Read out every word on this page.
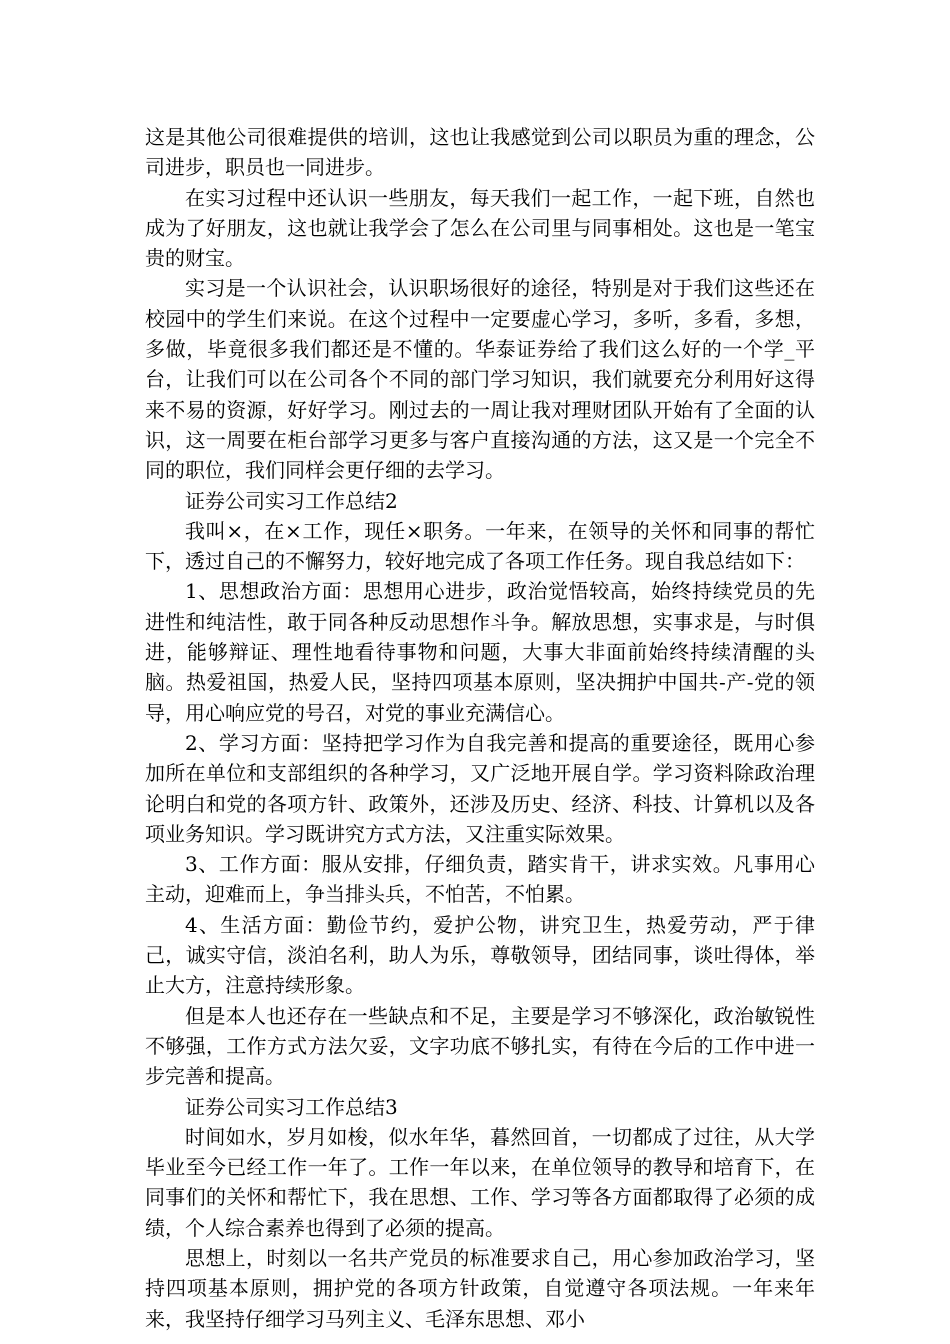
这是其他公司很难提供的培训，这也让我感觉到公司以职员为重的理念，公司进步，职员也一同进步。

在实习过程中还认识一些朋友，每天我们一起工作，一起下班，自然也成为了好朋友，这也就让我学会了怎么在公司里与同事相处。这也是一笔宝贵的财宝。

实习是一个认识社会，认识职场很好的途径，特别是对于我们这些还在校园中的学生们来说。在这个过程中一定要虚心学习，多听，多看，多想，多做，毕竟很多我们都还是不懂的。华泰证券给了我们这么好的一个学_平台，让我们可以在公司各个不同的部门学习知识，我们就要充分利用好这得来不易的资源，好好学习。刚过去的一周让我对理财团队开始有了全面的认识，这一周要在柜台部学习更多与客户直接沟通的方法，这又是一个完全不同的职位，我们同样会更仔细的去学习。

证券公司实习工作总结2

我叫×，在×工作，现任×职务。一年来，在领导的关怀和同事的帮忙下，透过自己的不懈努力，较好地完成了各项工作任务。现自我总结如下：

1、思想政治方面：思想用心进步，政治觉悟较高，始终持续党员的先进性和纯洁性，敢于同各种反动思想作斗争。解放思想，实事求是，与时俱进，能够辩证、理性地看待事物和问题，大事大非面前始终持续清醒的头脑。热爱祖国，热爱人民，坚持四项基本原则，坚决拥护中国共-产-党的领导，用心响应党的号召，对党的事业充满信心。

2、学习方面：坚持把学习作为自我完善和提高的重要途径，既用心参加所在单位和支部组织的各种学习，又广泛地开展自学。学习资料除政治理论明白和党的各项方针、政策外，还涉及历史、经济、科技、计算机以及各项业务知识。学习既讲究方式方法，又注重实际效果。

3、工作方面：服从安排，仔细负责，踏实肯干，讲求实效。凡事用心主动，迎难而上，争当排头兵，不怕苦，不怕累。

4、生活方面：勤俭节约，爱护公物，讲究卫生，热爱劳动，严于律己，诚实守信，淡泊名利，助人为乐，尊敬领导，团结同事，谈吐得体，举止大方，注意持续形象。

但是本人也还存在一些缺点和不足，主要是学习不够深化，政治敏锐性不够强，工作方式方法欠妥，文字功底不够扎实，有待在今后的工作中进一步完善和提高。

证券公司实习工作总结3

时间如水，岁月如梭，似水年华，暮然回首，一切都成了过往，从大学毕业至今已经工作一年了。工作一年以来，在单位领导的教导和培育下，在同事们的关怀和帮忙下，我在思想、工作、学习等各方面都取得了必须的成绩，个人综合素养也得到了必须的提高。

思想上，时刻以一名共产党员的标准要求自己，用心参加政治学习，坚持四项基本原则，拥护党的各项方针政策，自觉遵守各项法规。一年来年来，我坚持仔细学习马列主义、毛泽东思想、邓小
